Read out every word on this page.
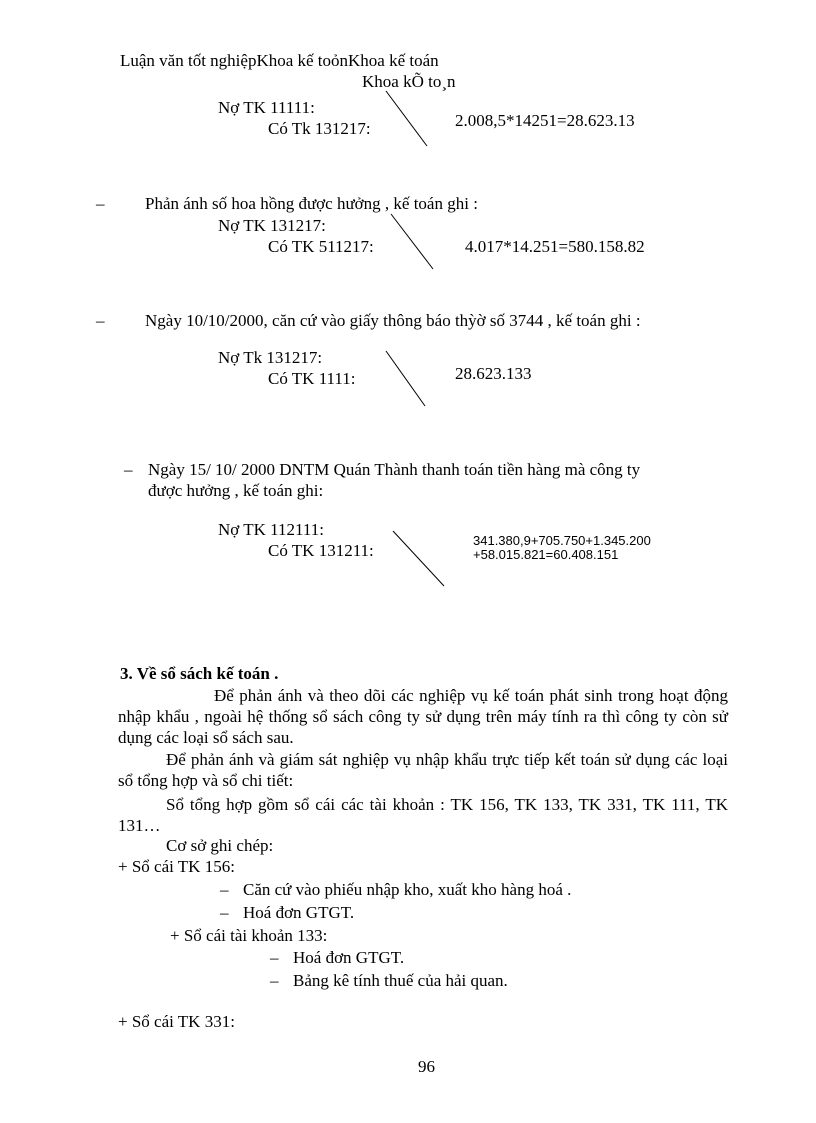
Luận văn tốt nghiệpKhoa kế toỏnKhoa kế toán
Khoa kÕ to¸n
Nợ TK 11111:
Có Tk 131217:	2.008,5*14251=28.623.13
– Phản ánh số hoa hồng được hưởng , kế toán ghi :
Nợ TK 131217:
Có TK 511217:	4.017*14.251=580.158.82
– Ngày 10/10/2000, căn cứ vào giấy thông báo thỳờ số 3744 , kế toán ghi :
Nợ Tk 131217:
Có TK 1111:	28.623.133
– Ngày 15/ 10/ 2000 DNTM Quán Thành thanh toán tiền hàng mà công ty
được hưởng , kế toán ghi:
Nợ TK 112111:
Có TK 131211:
341.380,9+705.750+1.345.200
+58.015.821=60.408.151
3. Về sổ sách kế toán .
Để phản ánh và theo dõi các nghiệp vụ kế toán phát sinh trong hoạt động nhập khẩu , ngoài hệ thống sổ sách công ty sử dụng trên máy tính ra thì công ty còn sử dụng các loại sổ sách sau.
Để phản ánh và giám sát nghiệp vụ nhập khẩu trực tiếp kết toán sử dụng các loại sổ tổng hợp và sổ chi tiết:
Sổ tổng hợp gồm sổ cái các tài khoản : TK 156, TK 133, TK 331, TK 111, TK 131…
Cơ sở ghi chép:
+ Sổ cái TK 156:
– Căn cứ vào phiếu nhập kho, xuất kho hàng hoá .
– Hoá đơn GTGT.
+ Sổ cái tài khoản 133:
– Hoá đơn GTGT.
– Bảng kê tính thuế của hải quan.
+ Sổ cái TK 331:
96
